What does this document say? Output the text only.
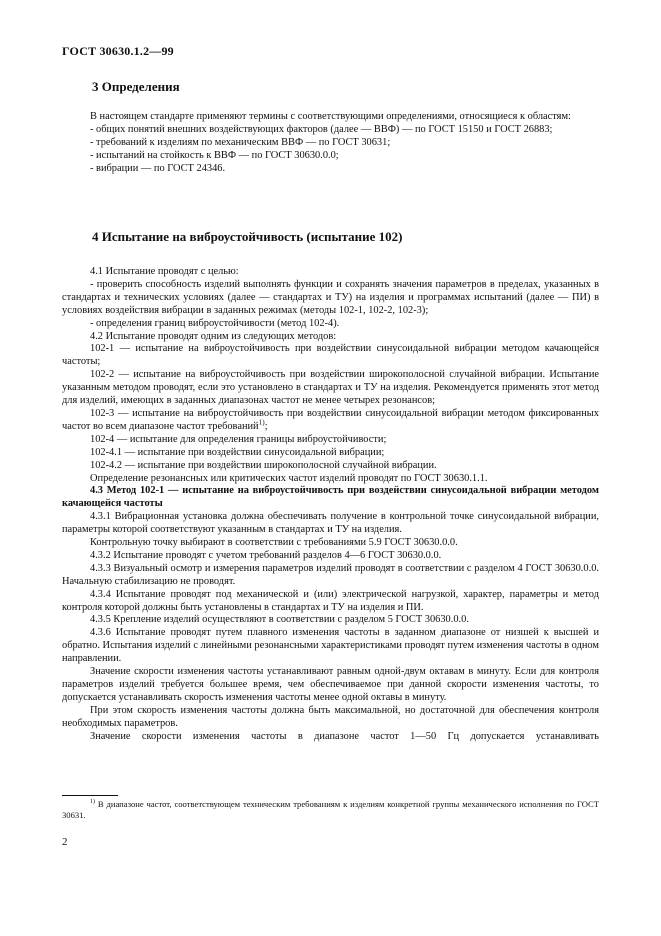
ГОСТ 30630.1.2—99
3 Определения

В настоящем стандарте применяют термины с соответствующими определениями, относящиеся к областям:

- общих понятий внешних воздействующих факторов (далее — ВВФ) — по ГОСТ 15150 и ГОСТ 26883;

- требований к изделиям по механическим ВВФ — по ГОСТ 30631;

- испытаний на стойкость к ВВФ — по ГОСТ 30630.0.0;

- вибрации — по ГОСТ 24346.

4 Испытание на виброустойчивость (испытание 102)

4.1 Испытание проводят с целью:

- проверить способность изделий выполнять функции и сохранять значения параметров в пределах, указанных в стандартах и технических условиях (далее — стандартах и ТУ) на изделия и программах испытаний (далее — ПИ) в условиях воздействия вибрации в заданных режимах (методы 102-1, 102-2, 102-3);

- определения границ виброустойчивости (метод 102-4).

4.2 Испытание проводят одним из следующих методов:

102-1 — испытание на виброустойчивость при воздействии синусоидальной вибрации методом качающейся частоты;

102-2 — испытание на виброустойчивость при воздействии широкополосной случайной вибрации. Испытание указанным методом проводят, если это установлено в стандартах и ТУ на изделия. Рекомендуется применять этот метод для изделий, имеющих в заданных диапазонах частот не менее четырех резонансов;

102-3 — испытание на виброустойчивость при воздействии синусоидальной вибрации методом фиксированных частот во всем диапазоне частот требований$^{1)}$;

102-4 — испытание для определения границы виброустойчивости;

102-4.1 — испытание при воздействии синусоидальной вибрации;

102-4.2 — испытание при воздействии широкополосной случайной вибрации.

Определение резонансных или критических частот изделий проводят по ГОСТ 30630.1.1.

4.3 Метод 102-1 — испытание на виброустойчивость при воздействии синусоидальной вибрации методом качающейся частоты

4.3.1 Вибрационная установка должна обеспечивать получение в контрольной точке синусоидальной вибрации, параметры которой соответствуют указанным в стандартах и ТУ на изделия.

Контрольную точку выбирают в соответствии с требованиями 5.9 ГОСТ 30630.0.0.

4.3.2 Испытание проводят с учетом требований разделов 4—6 ГОСТ 30630.0.0.

4.3.3 Визуальный осмотр и измерения параметров изделий проводят в соответствии с разделом 4 ГОСТ 30630.0.0. Начальную стабилизацию не проводят.

4.3.4 Испытание проводят под механической и (или) электрической нагрузкой, характер, параметры и метод контроля которой должны быть установлены в стандартах и ТУ на изделия и ПИ.

4.3.5 Крепление изделий осуществляют в соответствии с разделом 5 ГОСТ 30630.0.0.

4.3.6 Испытание проводят путем плавного изменения частоты в заданном диапазоне от низшей к высшей и обратно. Испытания изделий с линейными резонансными характеристиками проводят путем изменения частоты в одном направлении.

Значение скорости изменения частоты устанавливают равным одной-двум октавам в минуту. Если для контроля параметров изделий требуется большее время, чем обеспечиваемое при данной скорости изменения частоты, то допускается устанавливать скорость изменения частоты менее одной октавы в минуту.

При этом скорость изменения частоты должна быть максимальной, но достаточной для обеспечения контроля необходимых параметров.

Значение скорости изменения частоты в диапазоне частот 1—50 Гц допускается устанавливать

$^{1)}$ В диапазоне частот, соответствующем техническим требованиям к изделиям конкретной группы механического исполнения по ГОСТ 30631.

2
